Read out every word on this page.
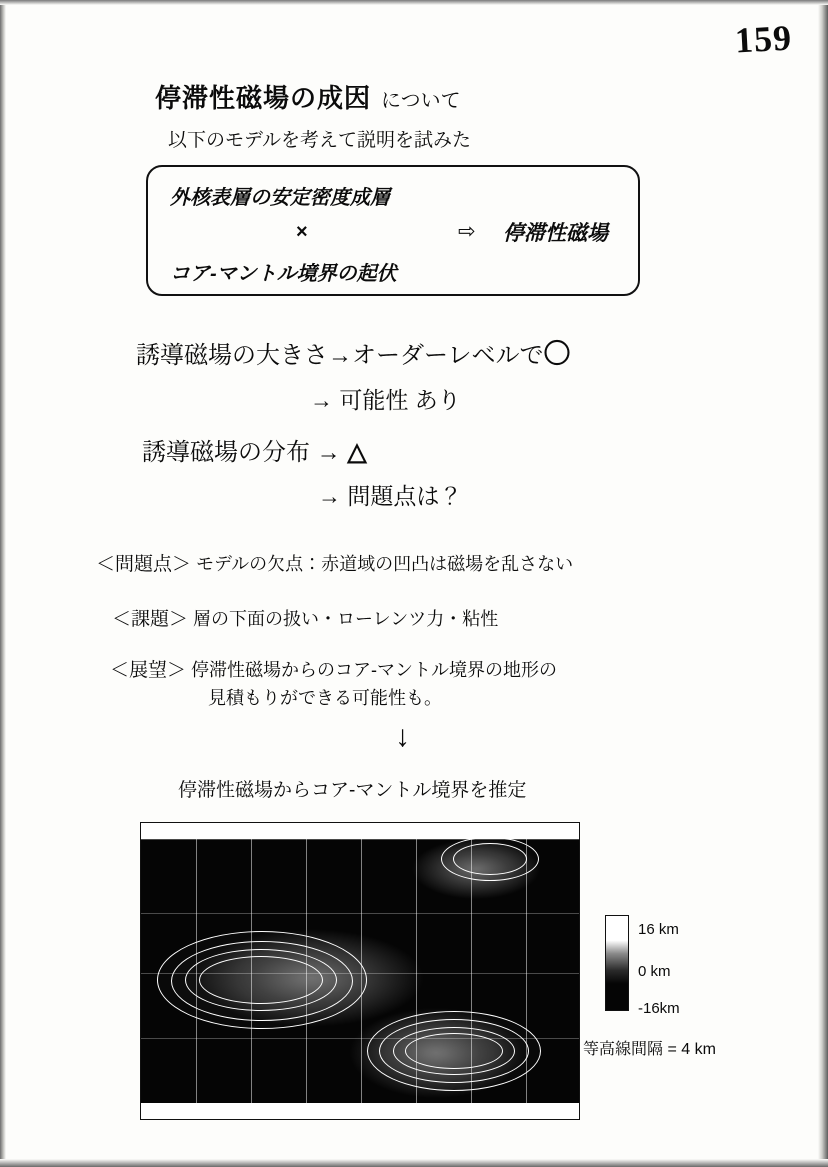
159
停滞性磁場の成因 について
以下のモデルを考えて説明を試みた
外核表層の安定密度成層
×
コア-マントル境界の起伏
⇨ 停滞性磁場
誘導磁場の大きさ→オーダーレベルで〇
→ 可能性 あり
誘導磁場の分布 → △
→ 問題点は？
＜問題点＞ モデルの欠点：赤道域の凹凸は磁場を乱さない
＜課題＞ 層の下面の扱い・ローレンツ力・粘性
＜展望＞ 停滞性磁場からのコア-マントル境界の地形の
見積もりができる可能性も。
↓
停滞性磁場からコア-マントル境界を推定
16 km
0 km
-16km
等高線間隔 = 4 km
